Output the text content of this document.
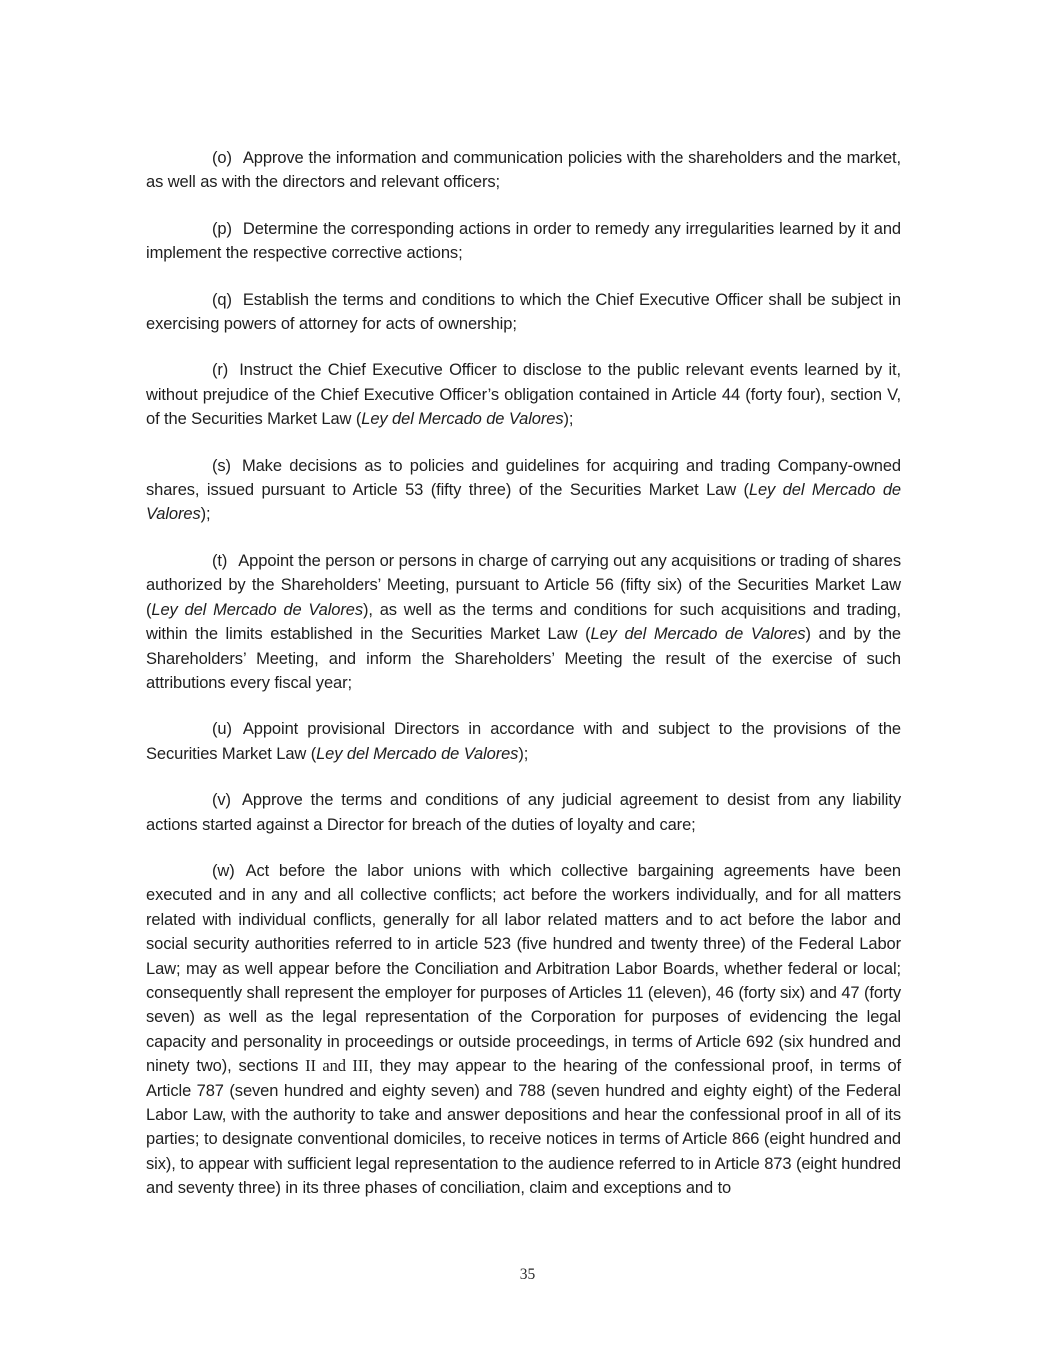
(o) Approve the information and communication policies with the shareholders and the market, as well as with the directors and relevant officers;

(p) Determine the corresponding actions in order to remedy any irregularities learned by it and implement the respective corrective actions;

(q) Establish the terms and conditions to which the Chief Executive Officer shall be subject in exercising powers of attorney for acts of ownership;

(r) Instruct the Chief Executive Officer to disclose to the public relevant events learned by it, without prejudice of the Chief Executive Officer’s obligation contained in Article 44 (forty four), section V, of the Securities Market Law (Ley del Mercado de Valores);

(s) Make decisions as to policies and guidelines for acquiring and trading Company-owned shares, issued pursuant to Article 53 (fifty three) of the Securities Market Law (Ley del Mercado de Valores);

(t) Appoint the person or persons in charge of carrying out any acquisitions or trading of shares authorized by the Shareholders’ Meeting, pursuant to Article 56 (fifty six) of the Securities Market Law (Ley del Mercado de Valores), as well as the terms and conditions for such acquisitions and trading, within the limits established in the Securities Market Law (Ley del Mercado de Valores) and by the Shareholders’ Meeting, and inform the Shareholders’ Meeting the result of the exercise of such attributions every fiscal year;

(u) Appoint provisional Directors in accordance with and subject to the provisions of the Securities Market Law (Ley del Mercado de Valores);

(v) Approve the terms and conditions of any judicial agreement to desist from any liability actions started against a Director for breach of the duties of loyalty and care;

(w) Act before the labor unions with which collective bargaining agreements have been executed and in any and all collective conflicts; act before the workers individually, and for all matters related with individual conflicts, generally for all labor related matters and to act before the labor and social security authorities referred to in article 523 (five hundred and twenty three) of the Federal Labor Law; may as well appear before the Conciliation and Arbitration Labor Boards, whether federal or local; consequently shall represent the employer for purposes of Articles 11 (eleven), 46 (forty six) and 47 (forty seven) as well as the legal representation of the Corporation for purposes of evidencing the legal capacity and personality in proceedings or outside proceedings, in terms of Article 692 (six hundred and ninety two), sections II and III, they may appear to the hearing of the confessional proof, in terms of Article 787 (seven hundred and eighty seven) and 788 (seven hundred and eighty eight) of the Federal Labor Law, with the authority to take and answer depositions and hear the confessional proof in all of its parties; to designate conventional domiciles, to receive notices in terms of Article 866 (eight hundred and six), to appear with sufficient legal representation to the audience referred to in Article 873 (eight hundred and seventy three) in its three phases of conciliation, claim and exceptions and to

35
